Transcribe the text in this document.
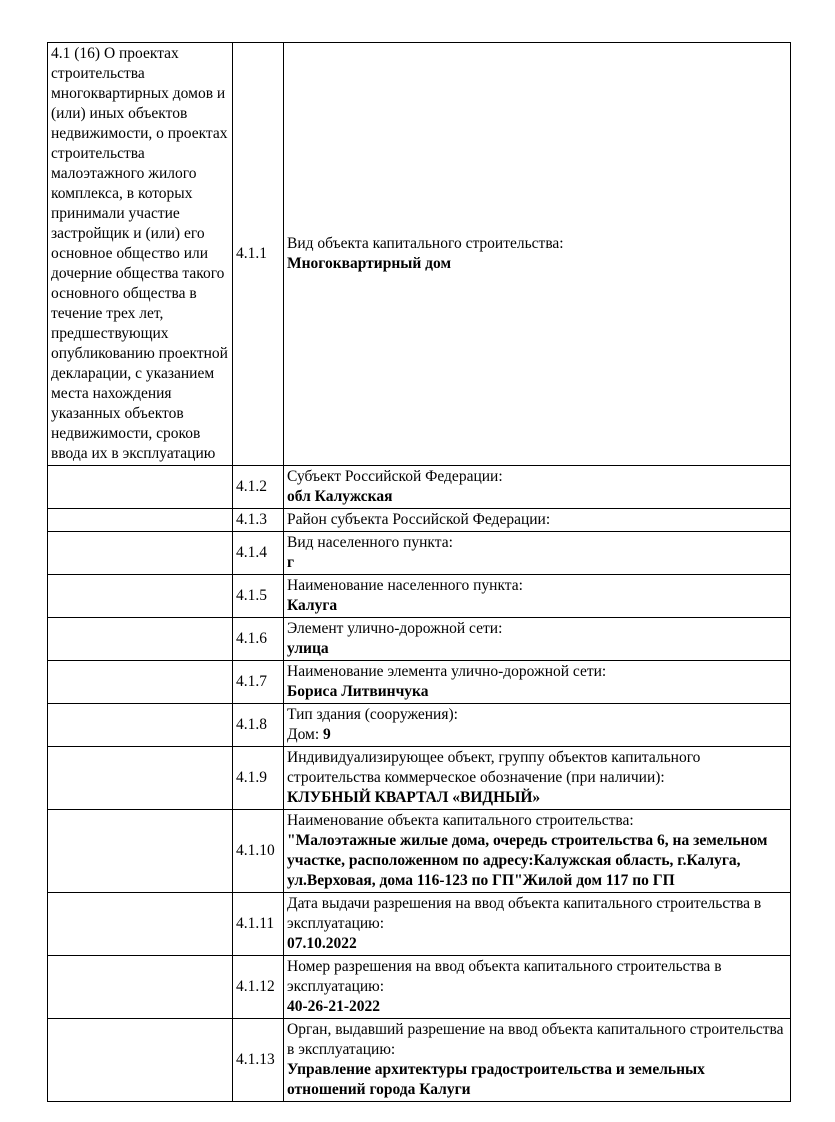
4.1 (16) О проектах строительства многоквартирных домов и (или) иных объектов недвижимости, о проектах строительства малоэтажного жилого комплекса, в которых принимали участие застройщик и (или) его основное общество или дочерние общества такого основного общества в течение трех лет, предшествующих опубликованию проектной декларации, с указанием места нахождения указанных объектов недвижимости, сроков ввода их в эксплуатацию	4.1.1	Вид объекта капитального строительства:
Многоквартирный дом

	4.1.2	Субъект Российской Федерации:
обл Калужская

	4.1.3	Район субъекта Российской Федерации:

	4.1.4	Вид населенного пункта:
г

	4.1.5	Наименование населенного пункта:
Калуга

	4.1.6	Элемент улично-дорожной сети:
улица

	4.1.7	Наименование элемента улично-дорожной сети:
Бориса Литвинчука

	4.1.8	Тип здания (сооружения):
Дом: 9

	4.1.9	Индивидуализирующее объект, группу объектов капитального строительства коммерческое обозначение (при наличии):
КЛУБНЫЙ КВАРТАЛ «ВИДНЫЙ»

	4.1.10	Наименование объекта капитального строительства:
"Малоэтажные жилые дома, очередь строительства 6, на земельном участке, расположенном по адресу:Калужская область, г.Калуга, ул.Верховая, дома 116-123 по ГП"Жилой дом 117 по ГП

	4.1.11	Дата выдачи разрешения на ввод объекта капитального строительства в эксплуатацию:
07.10.2022

	4.1.12	Номер разрешения на ввод объекта капитального строительства в эксплуатацию:
40-26-21-2022

	4.1.13	Орган, выдавший разрешение на ввод объекта капитального строительства в эксплуатацию:
Управление архитектуры градостроительства и земельных отношений города Калуги
